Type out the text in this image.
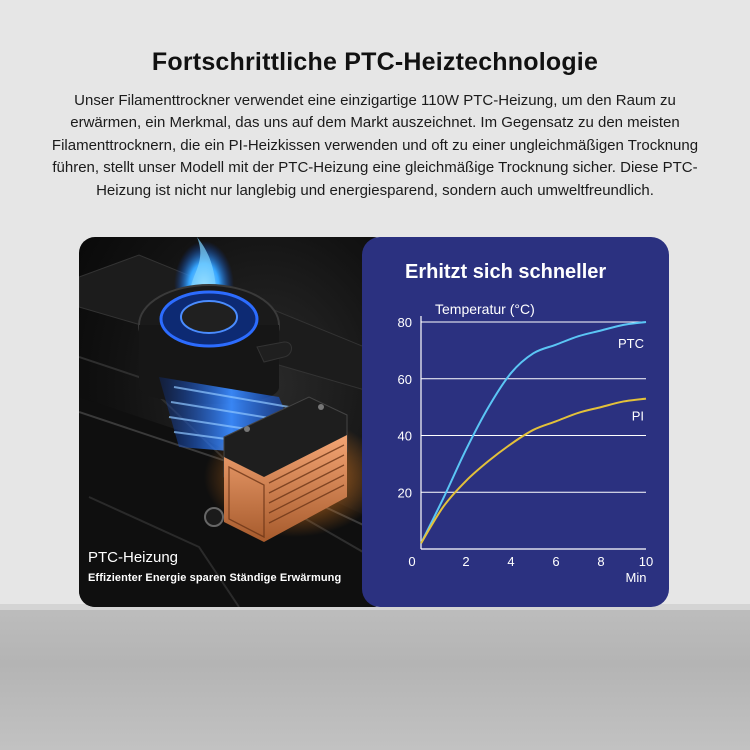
Fortschrittliche PTC-Heiztechnologie
Unser Filamenttrockner verwendet eine einzigartige 110W PTC-Heizung, um den Raum zu erwärmen, ein Merkmal, das uns auf dem Markt auszeichnet. Im Gegensatz zu den meisten Filamenttrocknern, die ein PI-Heizkissen verwenden und oft zu einer ungleichmäßigen Trocknung führen, stellt unser Modell mit der PTC-Heizung eine gleichmäßige Trocknung sicher. Diese PTC-Heizung ist nicht nur langlebig und energiesparend, sondern auch umweltfreundlich.
PTC-Heizung
Effizienter Energie sparen Ständige Erwärmung
Erhitzt sich schneller
20
40
60
80
0	2	4	6	8	10
Temperatur (°C)
Min
PTC
PI
